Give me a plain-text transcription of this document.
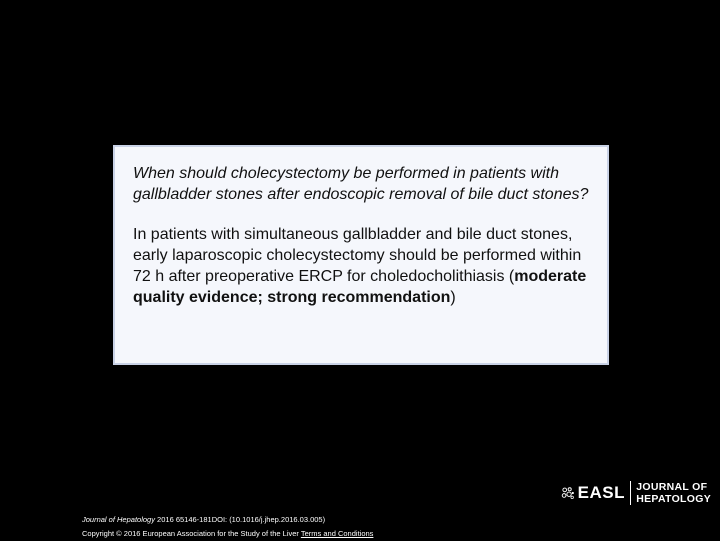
When should cholecystectomy be performed in patients with gallbladder stones after endoscopic removal of bile duct stones?

In patients with simultaneous gallbladder and bile duct stones, early laparoscopic cholecystectomy should be performed within 72 h after preoperative ERCP for choledocholithiasis (moderate quality evidence; strong recommendation)

EASL JOURNAL OF
HEPATOLOGY
Journal of Hepatology 2016 65146-181DOI: (10.1016/j.jhep.2016.03.005)
Copyright © 2016 European Association for the Study of the Liver Terms and Conditions
